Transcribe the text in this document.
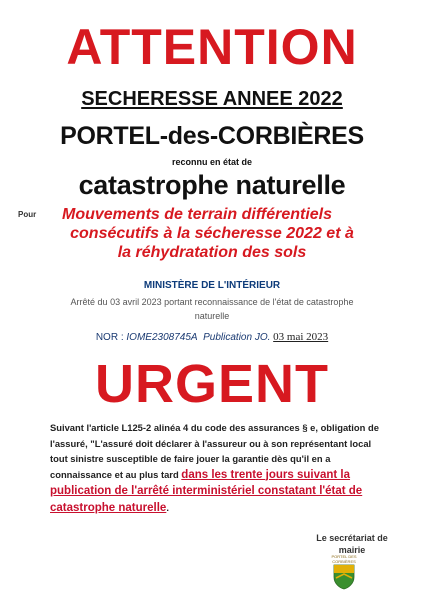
ATTENTION
SECHERESSE ANNEE 2022
PORTEL-des-CORBIÈRES
reconnu en état de
catastrophe naturelle
Pour Mouvements de terrain différentiels
consécutifs à la sécheresse 2022 et à
la réhydratation des sols
MINISTÈRE DE L'INTÉRIEUR
Arrêté du 03 avril 2023 portant reconnaissance de l'état de catastrophe naturelle
NOR : IOME2308745A Publication JO. 03 mai 2023
URGENT
Suivant l'article L125-2 alinéa 4 du code des assurances § e, obligation de l'assuré, "L'assuré doit déclarer à l'assureur ou à son représentant local tout sinistre susceptible de faire jouer la garantie dès qu'il en a connaissance et au plus tard dans les trente jours suivant la publication de l'arrêté interministériel constatant l'état de catastrophe naturelle.
Le secrétariat de
mairie
PORTEL DES CORBIÈRES
